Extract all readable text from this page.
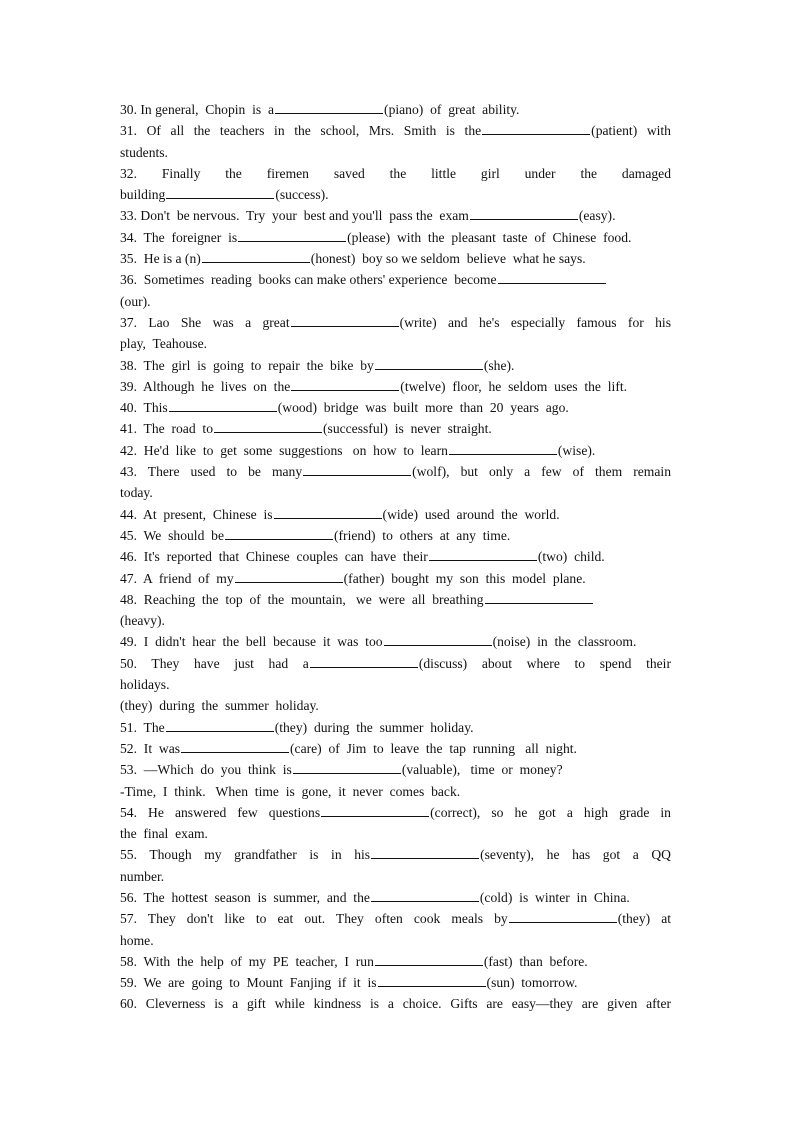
30. In general,  Chopin  is  a	(piano)  of  great  ability.
31. Of all the teachers in the school, Mrs. Smith is the	(patient) with
students.
32. Finally the firemen saved the little girl under the damaged
building	(success).
33. Don't  be nervous.  Try  your  best and you'll  pass the  exam	(easy).
34.  The  foreigner  is	(please)  with  the  pleasant  taste  of  Chinese  food.
35.  He is a (n)	(honest)  boy so we seldom  believe  what he says.
36.  Sometimes  reading  books can make others' experience  become
(our).
37. Lao She was a great	(write) and he's especially famous for his
play,  Teahouse.
38.  The  girl  is  going  to  repair  the  bike  by	(she).
39.  Although  he  lives  on  the	(twelve)  floor,  he  seldom  uses  the  lift.
40.  This	(wood)  bridge  was  built  more  than  20  years  ago.
41.  The  road  to	(successful)  is  never  straight.
42.  He'd  like  to  get  some  suggestions   on  how  to  learn	(wise).
43. There used to be many	(wolf), but only a few of them remain
today.
44.  At  present,  Chinese  is	(wide)  used  around  the  world.
45.  We  should  be	(friend)  to  others  at  any  time.
46.  It's  reported  that  Chinese  couples  can  have  their	(two)  child.
47.  A  friend  of  my	(father)  bought  my  son  this  model  plane.
48.  Reaching  the  top  of  the  mountain,   we  were  all  breathing
(heavy).
49.  I  didn't  hear  the  bell  because  it  was  too	(noise)  in  the  classroom.
50. They have just had a	(discuss) about where to spend their
holidays.
(they)  during  the  summer  holiday.
51.  The	(they)  during  the  summer  holiday.
52.  It  was	(care)  of  Jim  to  leave  the  tap  running   all  night.
53.  —Which  do  you  think  is	(valuable),   time  or  money?
-Time,  I  think.   When  time  is  gone,  it  never  comes  back.
54. He answered few questions	(correct), so he got a high grade in
the  final  exam.
55. Though my grandfather is in his	(seventy), he has got a QQ
number.
56.  The  hottest  season  is  summer,  and  the	(cold)  is  winter  in  China.
57. They don't like to eat out. They often cook meals by	(they) at
home.
58.  With  the  help  of  my  PE  teacher,  I  run	(fast)  than  before.
59.  We  are  going  to  Mount  Fanjing  if  it  is	(sun)  tomorrow.
60. Cleverness is a gift while kindness is a choice. Gifts are easy—they are given after
